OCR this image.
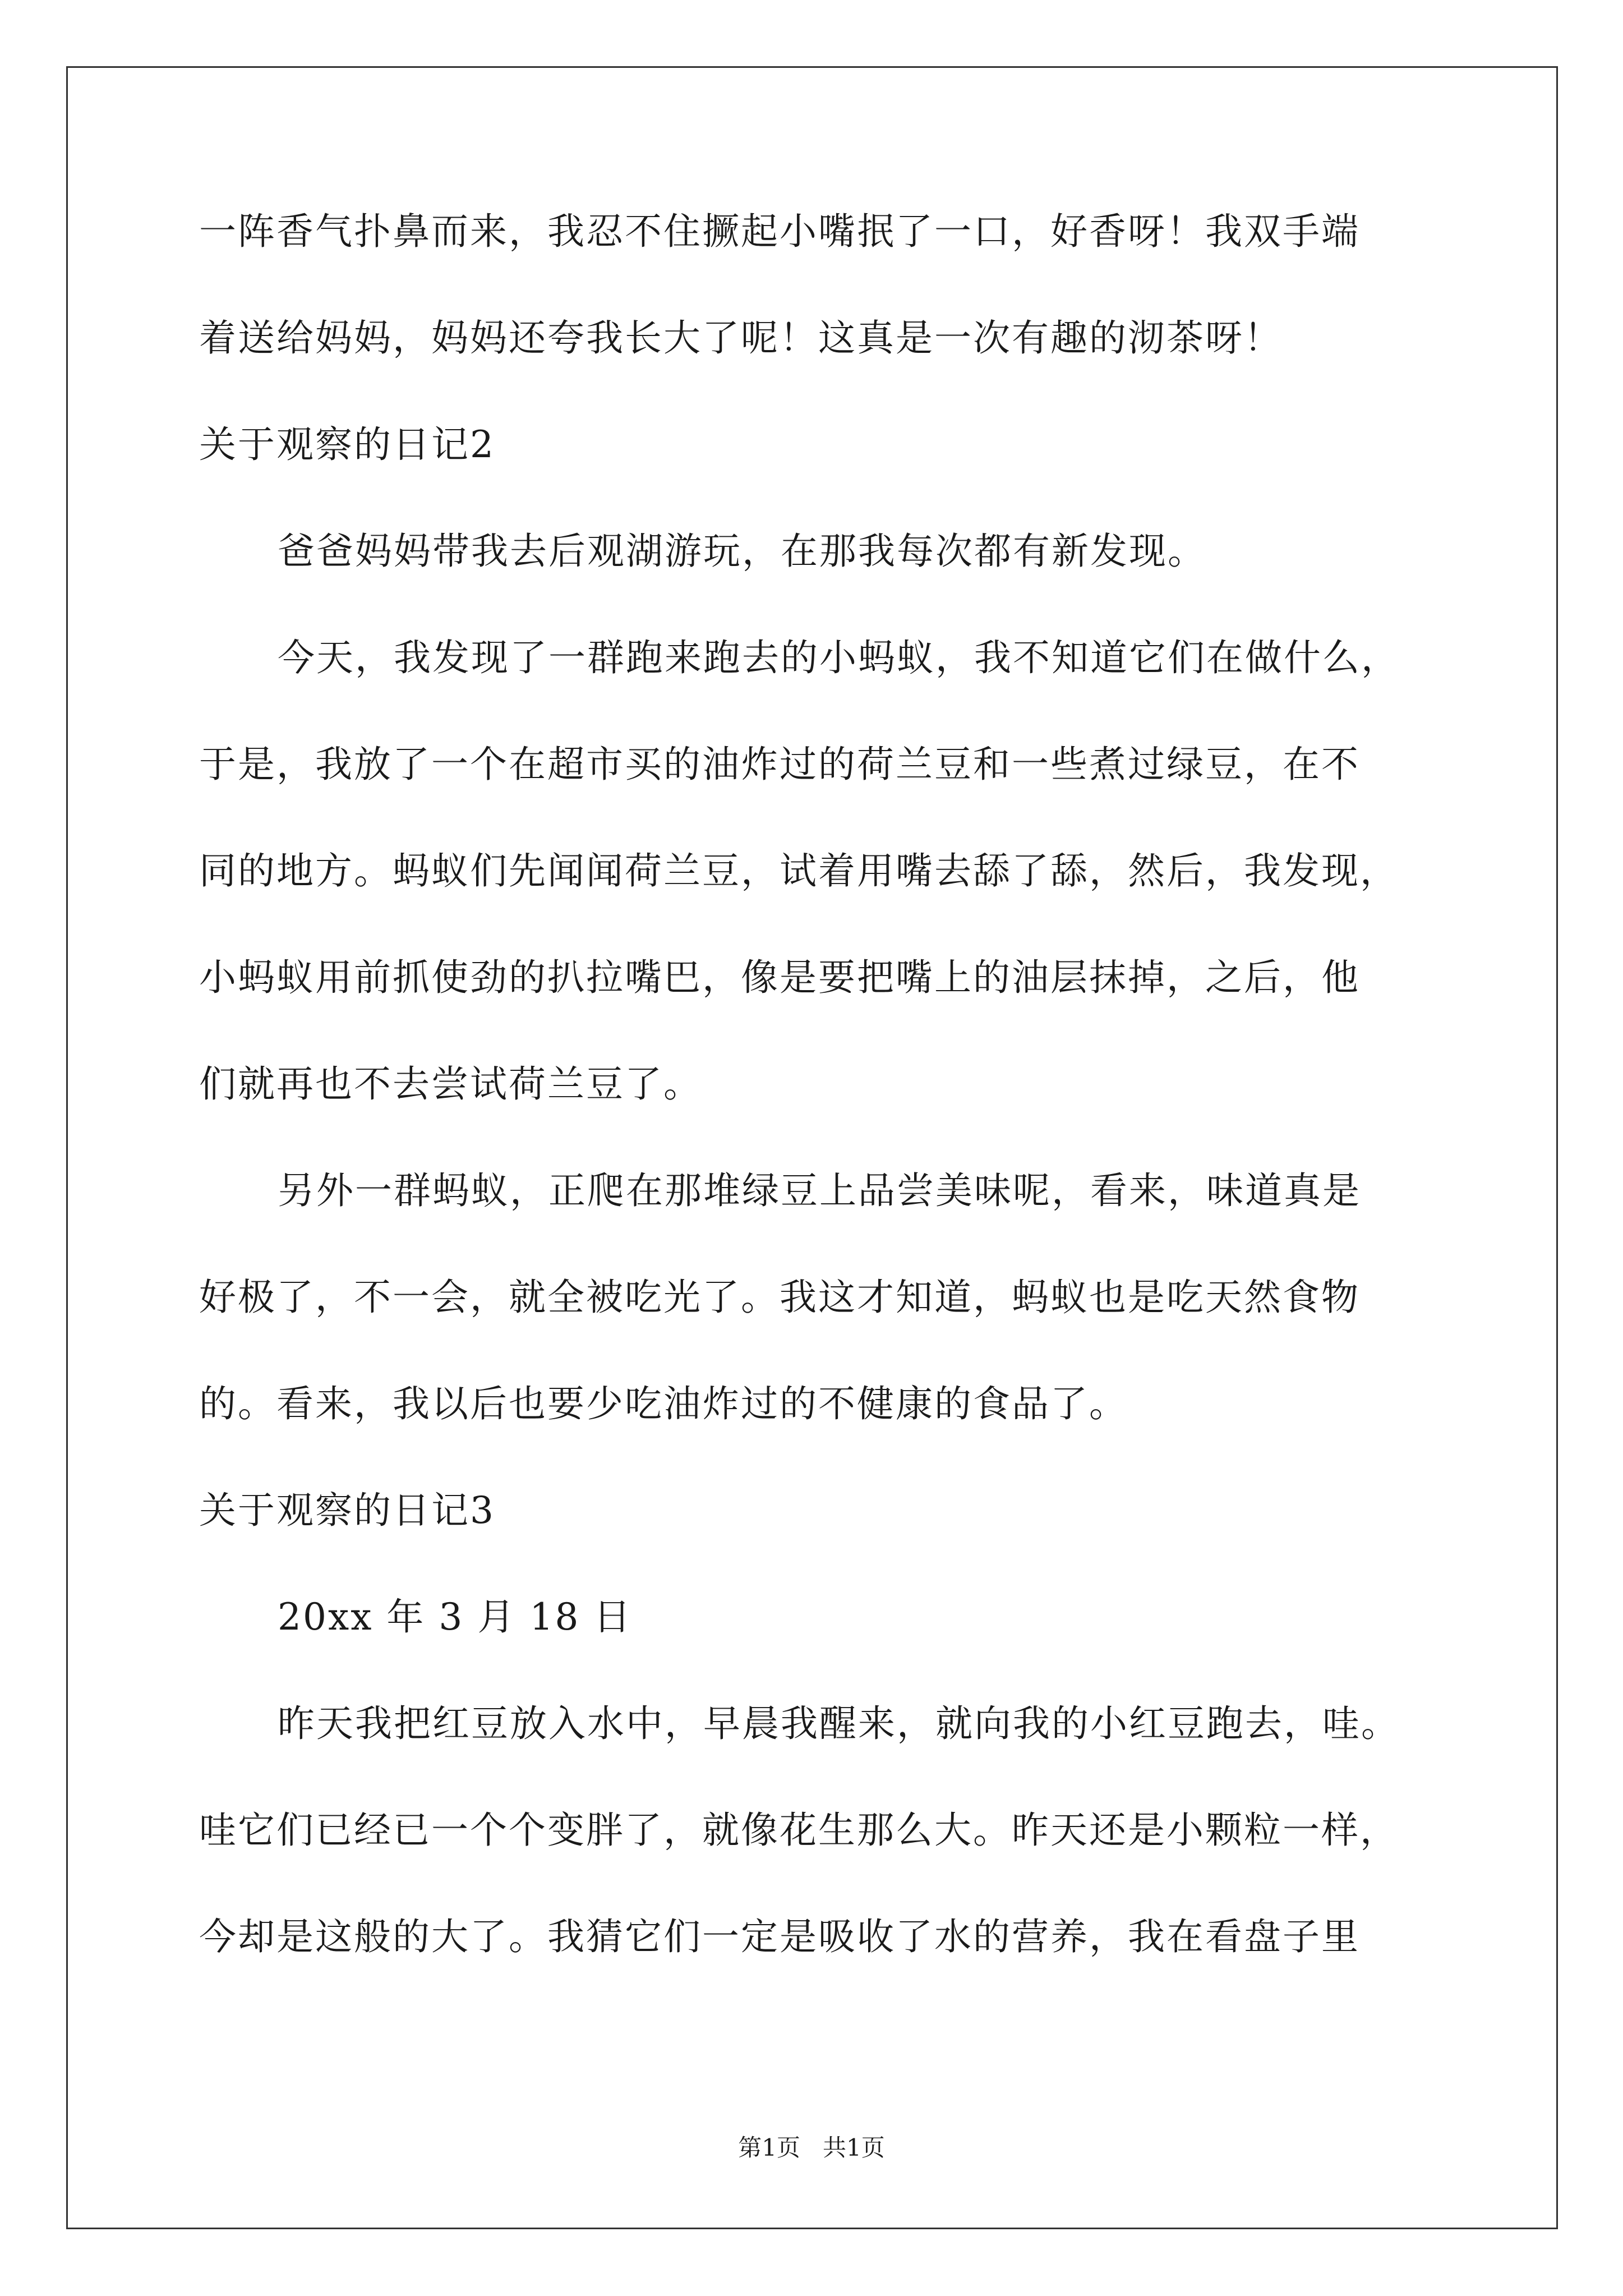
一阵香气扑鼻而来，我忍不住撅起小嘴抿了一口，好香呀！我双手端
着送给妈妈，妈妈还夸我长大了呢！这真是一次有趣的沏茶呀！
关于观察的日记2
爸爸妈妈带我去后观湖游玩，在那我每次都有新发现。
今天，我发现了一群跑来跑去的小蚂蚁，我不知道它们在做什么，
于是，我放了一个在超市买的油炸过的荷兰豆和一些煮过绿豆，在不
同的地方。蚂蚁们先闻闻荷兰豆，试着用嘴去舔了舔，然后，我发现，
小蚂蚁用前抓使劲的扒拉嘴巴，像是要把嘴上的油层抹掉，之后，他
们就再也不去尝试荷兰豆了。
另外一群蚂蚁，正爬在那堆绿豆上品尝美味呢，看来，味道真是
好极了，不一会，就全被吃光了。我这才知道，蚂蚁也是吃天然食物
的。看来，我以后也要少吃油炸过的不健康的食品了。
关于观察的日记3
20xx 年 3 月 18 日
昨天我把红豆放入水中，早晨我醒来，就向我的小红豆跑去，哇。
哇它们已经已一个个变胖了，就像花生那么大。昨天还是小颗粒一样，
今却是这般的大了。我猜它们一定是吸收了水的营养，我在看盘子里
第1页   共1页
